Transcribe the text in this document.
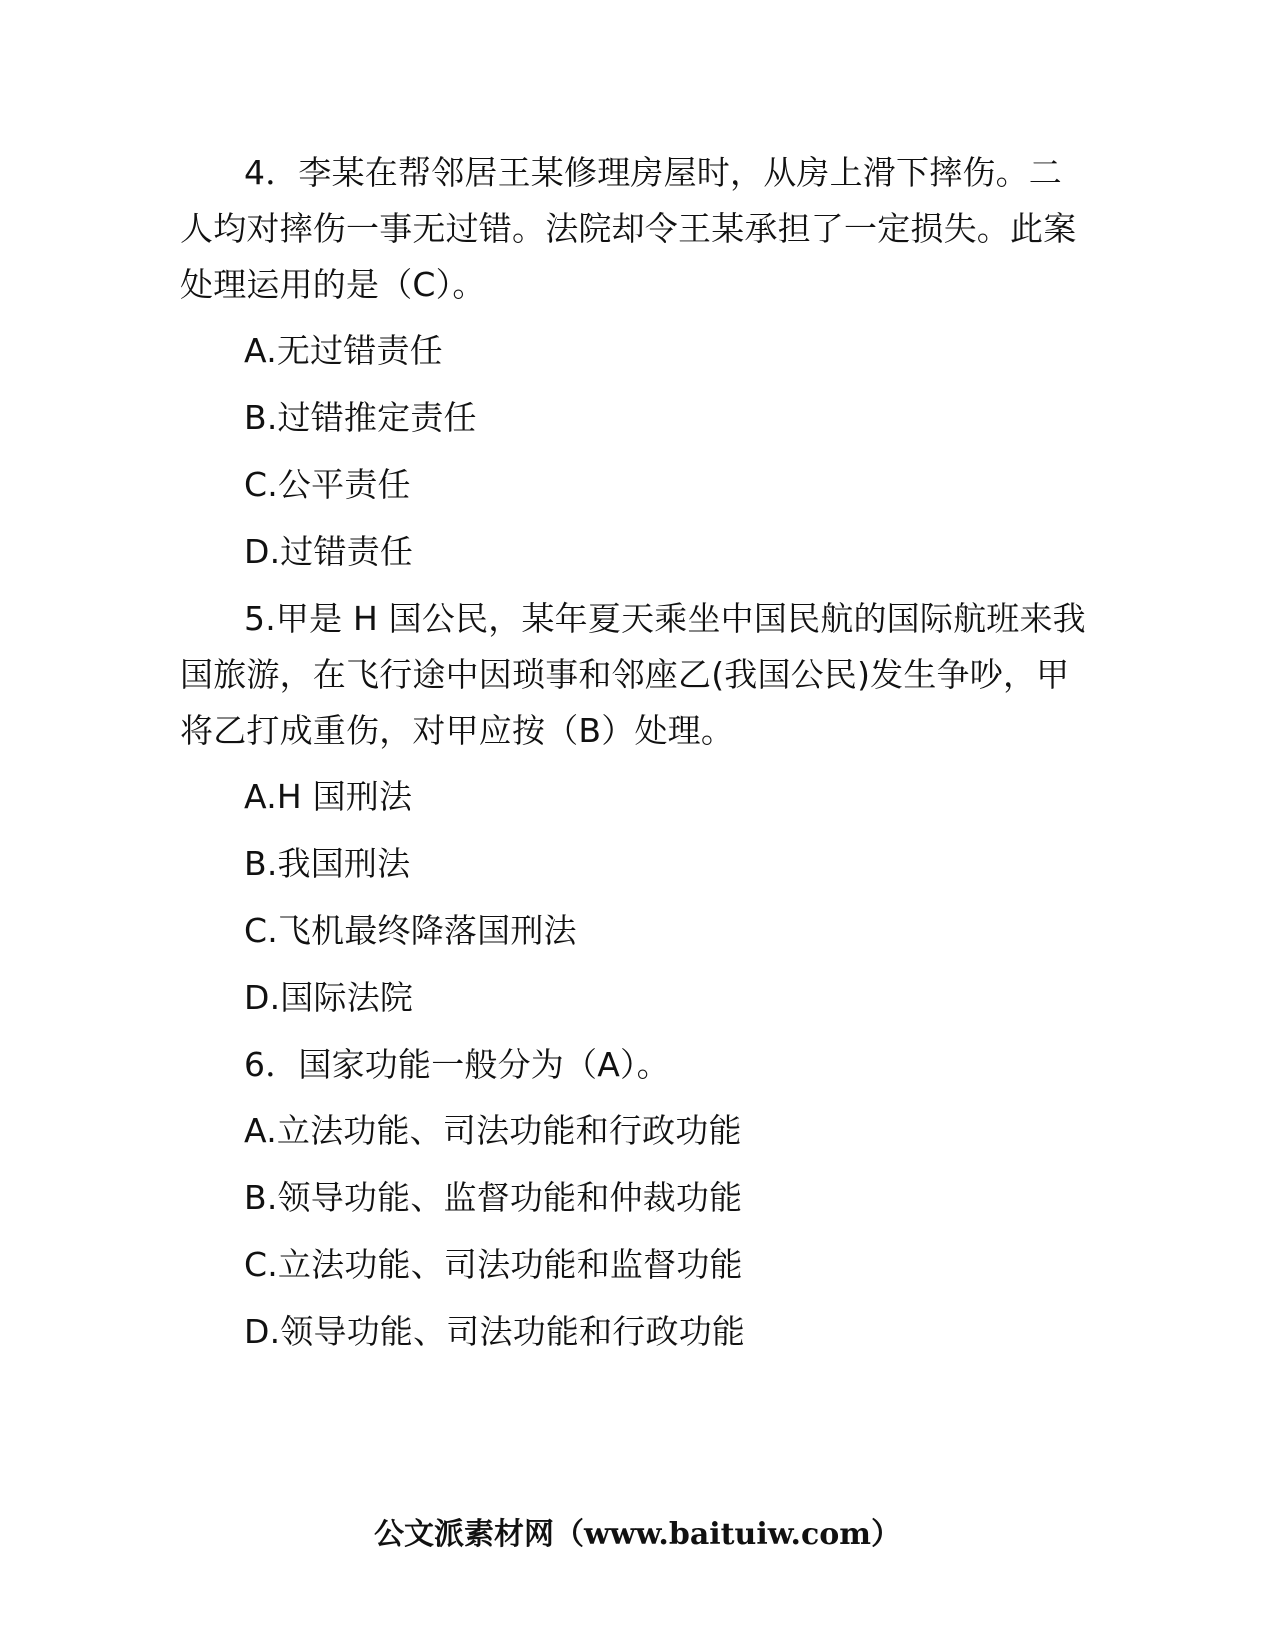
4．李某在帮邻居王某修理房屋时，从房上滑下摔伤。二人均对摔伤一事无过错。法院却令王某承担了一定损失。此案处理运用的是（C）。

A.无过错责任

B.过错推定责任

C.公平责任

D.过错责任

5.甲是 H 国公民，某年夏天乘坐中国民航的国际航班来我国旅游，在飞行途中因琐事和邻座乙(我国公民)发生争吵，甲将乙打成重伤，对甲应按（B）处理。

A.H 国刑法

B.我国刑法

C.飞机最终降落国刑法

D.国际法院

6．国家功能一般分为（A）。

A.立法功能、司法功能和行政功能

B.领导功能、监督功能和仲裁功能

C.立法功能、司法功能和监督功能

D.领导功能、司法功能和行政功能

公文派素材网（www.baituiw.com）
